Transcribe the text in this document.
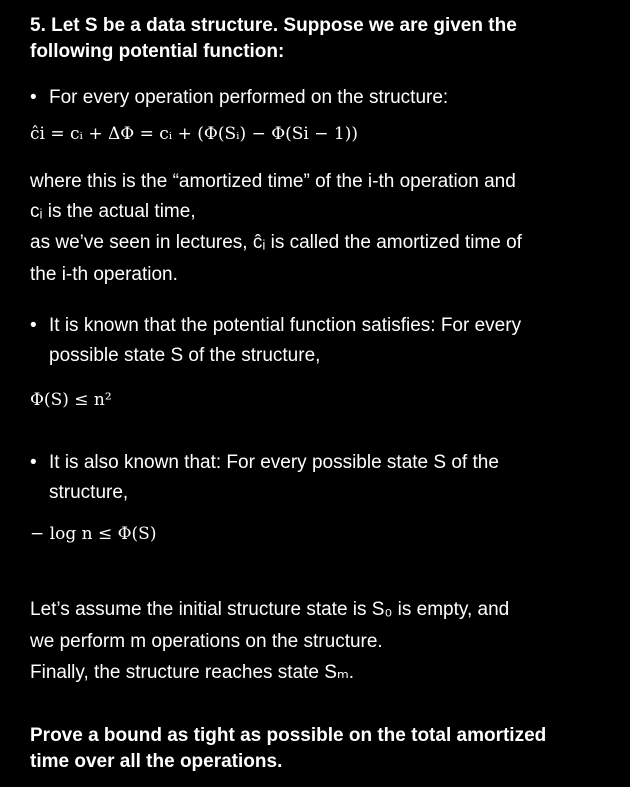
5. Let S be a data structure. Suppose we are given the
following potential function:
• For every operation performed on the structure:
ĉi = cᵢ + ΔΦ = cᵢ + (Φ(Sᵢ) − Φ(Si − 1))
where this is the “amortized time” of the i-th operation and
cᵢ is the actual time,
as we’ve seen in lectures, ĉᵢ is called the amortized time of
the i-th operation.
• It is known that the potential function satisfies: For every
possible state S of the structure,
Φ(S) ≤ n²
• It is also known that: For every possible state S of the
structure,
− log n ≤ Φ(S)
Let’s assume the initial structure state is S₀ is empty, and
we perform m operations on the structure.
Finally, the structure reaches state Sₘ.
Prove a bound as tight as possible on the total amortized
time over all the operations.
